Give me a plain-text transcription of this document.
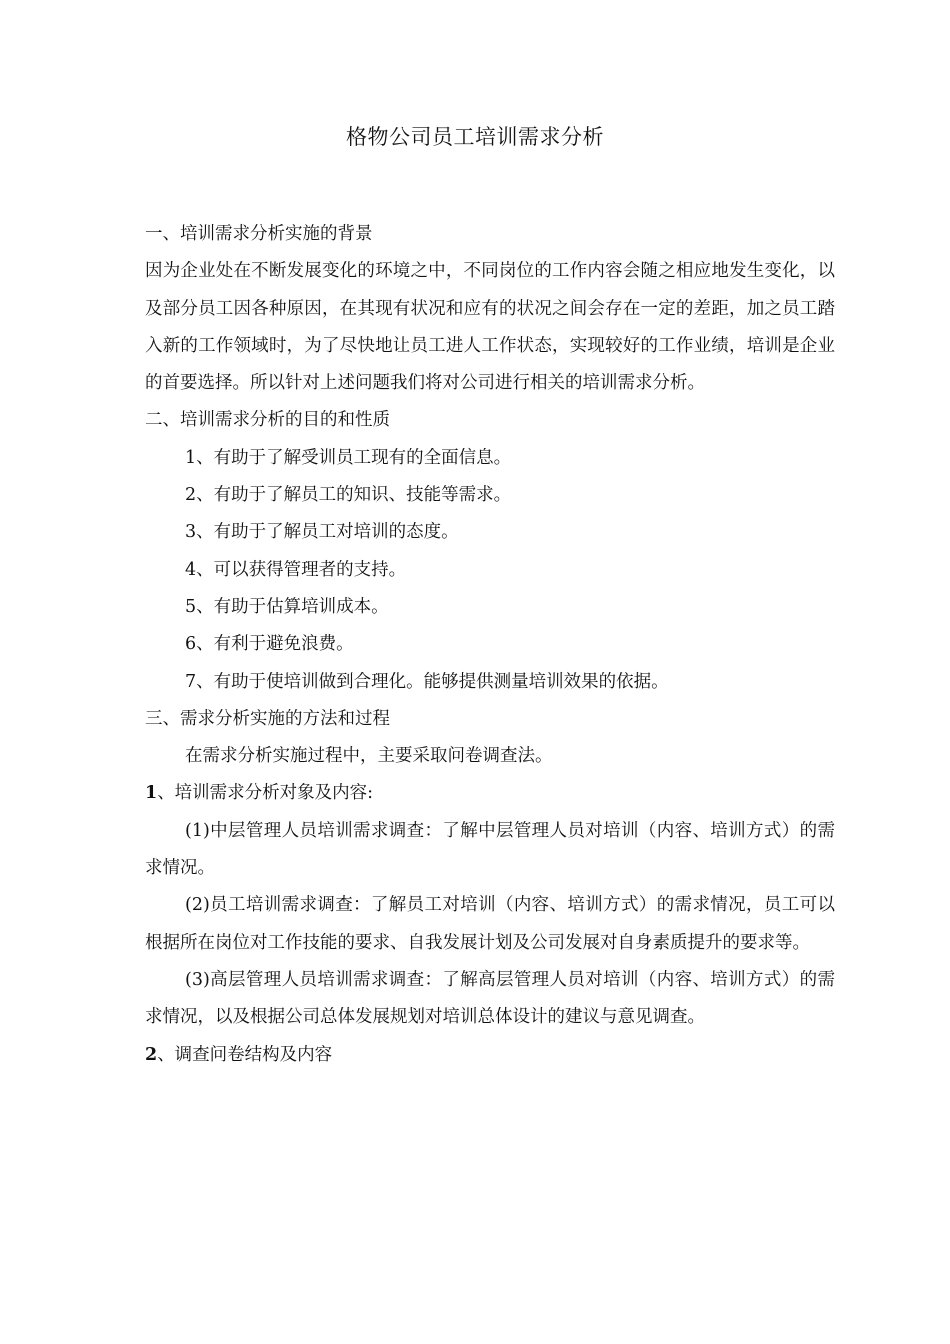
格物公司员工培训需求分析

一、培训需求分析实施的背景

因为企业处在不断发展变化的环境之中，不同岗位的工作内容会随之相应地发生变化，以及部分员工因各种原因，在其现有状况和应有的状况之间会存在一定的差距，加之员工踏入新的工作领域时，为了尽快地让员工进人工作状态，实现较好的工作业绩，培训是企业的首要选择。所以针对上述问题我们将对公司进行相关的培训需求分析。

二、培训需求分析的目的和性质

1、有助于了解受训员工现有的全面信息。

2、有助于了解员工的知识、技能等需求。

3、有助于了解员工对培训的态度。

4、可以获得管理者的支持。

5、有助于估算培训成本。

6、有利于避免浪费。

7、有助于使培训做到合理化。能够提供测量培训效果的依据。

三、需求分析实施的方法和过程

在需求分析实施过程中，主要采取问卷调查法。

1、培训需求分析对象及内容:

(1)中层管理人员培训需求调查：了解中层管理人员对培训（内容、培训方式）的需求情况。

(2)员工培训需求调查：了解员工对培训（内容、培训方式）的需求情况，员工可以根据所在岗位对工作技能的要求、自我发展计划及公司发展对自身素质提升的要求等。

(3)高层管理人员培训需求调查：了解高层管理人员对培训（内容、培训方式）的需求情况，以及根据公司总体发展规划对培训总体设计的建议与意见调查。

2、调查问卷结构及内容
